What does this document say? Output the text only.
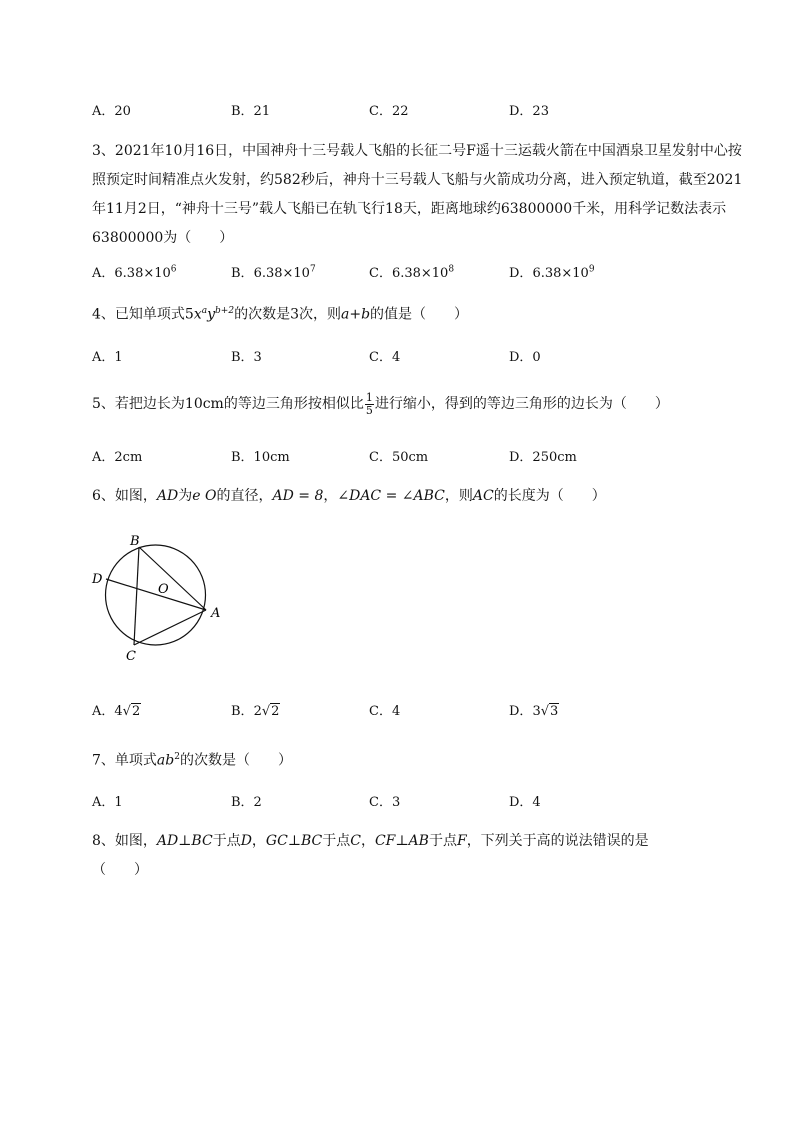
A．20	B．21	C．22	D．23
3、2021年10月16日，中国神舟十三号载人飞船的长征二号F遥十三运载火箭在中国酒泉卫星发射中心按照预定时间精准点火发射，约582秒后，神舟十三号载人飞船与火箭成功分离，进入预定轨道，截至2021年11月2日，“神舟十三号”载人飞船已在轨飞行18天，距离地球约63800000千米，用科学记数法表示63800000为（　　）
A．$6.38\times 10^6$	B．$6.38\times 10^7$	C．$6.38\times 10^8$	D．$6.38\times 10^9$
4、已知单项式$5x^ay^{b+2}$的次数是3次，则a+b的值是（　　）
A．1	B．3	C．4	D．0
5、若把边长为10cm的等边三角形按相似比 $\frac{1}{5}$ 进行缩小，得到的等边三角形的边长为（　　）
A．2cm	B．10cm	C．50cm	D．250cm
6、如图，AD为e O的直径，AD = 8，∠DAC = ∠ABC，则AC的长度为（　　）
B
D
O
A
C
A．4√2	B．2√2	C．4	D．3√3
7、单项式$ab^2$的次数是（　　）
A．1	B．2	C．3	D．4
8、如图，AD⊥BC于点D，GC⊥BC于点C，CF⊥AB于点F，下列关于高的说法错误的是
（　　）
